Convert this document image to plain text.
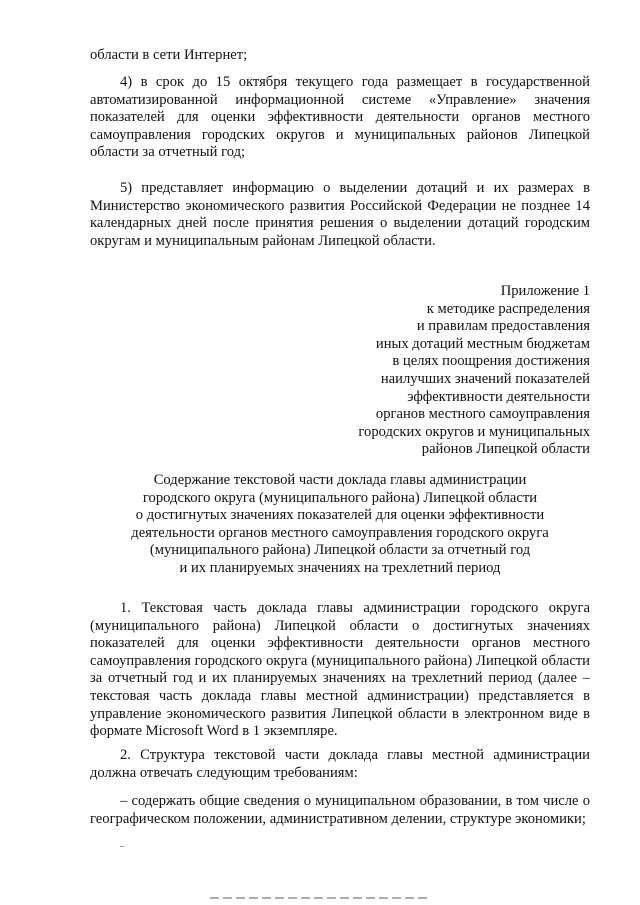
области в сети Интернет;

4) в срок до 15 октября текущего года размещает в государственной автоматизированной информационной системе «Управление» значения показателей для оценки эффективности деятельности органов местного самоуправления городских округов и муниципальных районов Липецкой области за отчетный год;

5) представляет информацию о выделении дотаций и их размерах в Министерство экономического развития Российской Федерации не позднее 14 календарных дней после принятия решения о выделении дотаций городским округам и муниципальным районам Липецкой области.

Приложение 1
к методике распределения
и правилам предоставления
иных дотаций местным бюджетам
в целях поощрения достижения
наилучших значений показателей
эффективности деятельности
органов местного самоуправления
городских округов и муниципальных
районов Липецкой области
Содержание текстовой части доклада главы администрации
городского округа (муниципального района) Липецкой области
о достигнутых значениях показателей для оценки эффективности
деятельности органов местного самоуправления городского округа
(муниципального района) Липецкой области за отчетный год
и их планируемых значениях на трехлетний период

1. Текстовая часть доклада главы администрации городского округа (муниципального района) Липецкой области о достигнутых значениях показателей для оценки эффективности деятельности органов местного самоуправления городского округа (муниципального района) Липецкой области за отчетный год и их планируемых значениях на трехлетний период (далее – текстовая часть доклада главы местной администрации) представляется в управление экономического развития Липецкой области в электронном виде в формате Microsoft Word в 1 экземпляре.

2. Структура текстовой части доклада главы местной администрации должна отвечать следующим требованиям:

– содержать общие сведения о муниципальном образовании, в том числе о географическом положении, административном делении, структуре экономики;
